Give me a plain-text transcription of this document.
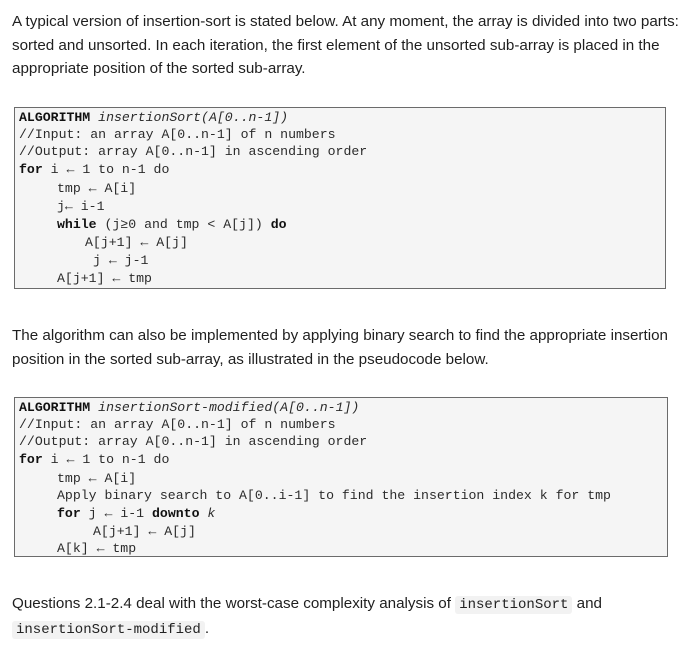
A typical version of insertion-sort is stated below. At any moment, the array is divided into two parts: sorted and unsorted. In each iteration, the first element of the unsorted sub-array is placed in the appropriate position of the sorted sub-array.

ALGORITHM insertionSort(A[0..n-1])
//Input: an array A[0..n-1] of n numbers
//Output: array A[0..n-1] in ascending order
for i ← 1 to n-1 do
tmp ← A[i]
j← i-1
while (j≥0 and tmp < A[j]) do
A[j+1] ← A[j]
j ← j-1
A[j+1] ← tmp

The algorithm can also be implemented by applying binary search to find the appropriate insertion position in the sorted sub-array, as illustrated in the pseudocode below.

ALGORITHM insertionSort-modified(A[0..n-1])
//Input: an array A[0..n-1] of n numbers
//Output: array A[0..n-1] in ascending order
for i ← 1 to n-1 do
tmp ← A[i]
Apply binary search to A[0..i-1] to find the insertion index k for tmp
for j ← i-1 downto k
A[j+1] ← A[j]
A[k] ← tmp

Questions 2.1-2.4 deal with the worst-case complexity analysis of insertionSort and
insertionSort-modified .
